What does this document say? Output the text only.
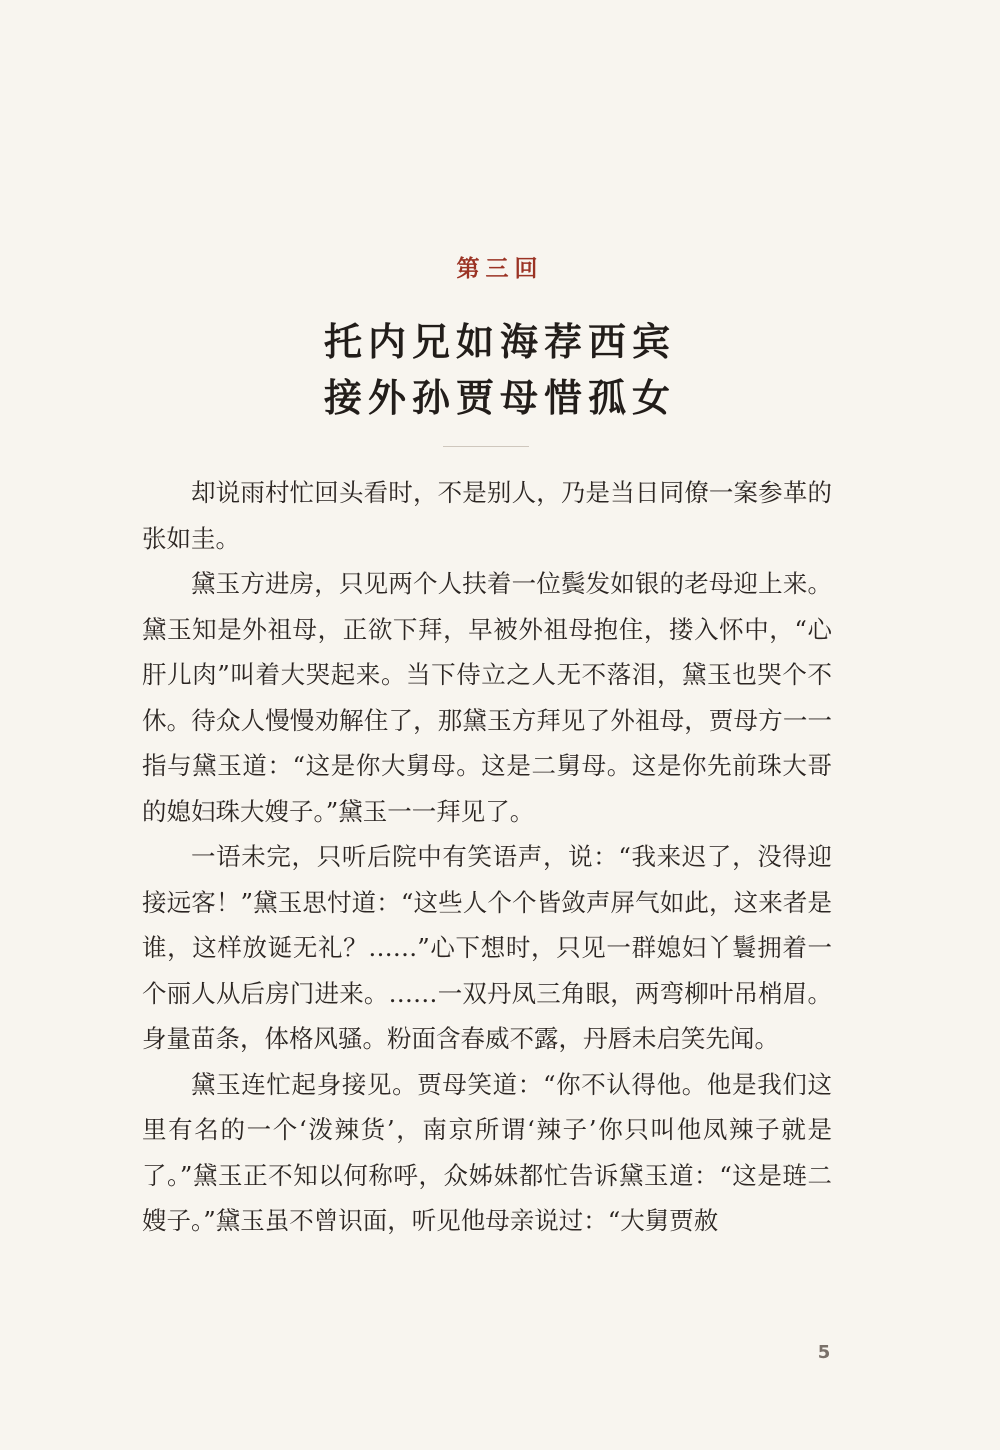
第三回
托内兄如海荐西宾
接外孙贾母惜孤女

却说雨村忙回头看时，不是别人，乃是当日同僚一案参革的张如圭。

黛玉方进房，只见两个人扶着一位鬓发如银的老母迎上来。黛玉知是外祖母，正欲下拜，早被外祖母抱住，搂入怀中，“心肝儿肉”叫着大哭起来。当下侍立之人无不落泪，黛玉也哭个不休。待众人慢慢劝解住了，那黛玉方拜见了外祖母，贾母方一一指与黛玉道：“这是你大舅母。这是二舅母。这是你先前珠大哥的媳妇珠大嫂子。”黛玉一一拜见了。

一语未完，只听后院中有笑语声，说：“我来迟了，没得迎接远客！”黛玉思忖道：“这些人个个皆敛声屏气如此，这来者是谁，这样放诞无礼？……”心下想时，只见一群媳妇丫鬟拥着一个丽人从后房门进来。……一双丹凤三角眼，两弯柳叶吊梢眉。身量苗条，体格风骚。粉面含春威不露，丹唇未启笑先闻。

黛玉连忙起身接见。贾母笑道：“你不认得他。他是我们这里有名的一个‘泼辣货’，南京所谓‘辣子’你只叫他凤辣子就是了。”黛玉正不知以何称呼，众姊妹都忙告诉黛玉道：“这是琏二嫂子。”黛玉虽不曾识面，听见他母亲说过：“大舅贾赦

5
